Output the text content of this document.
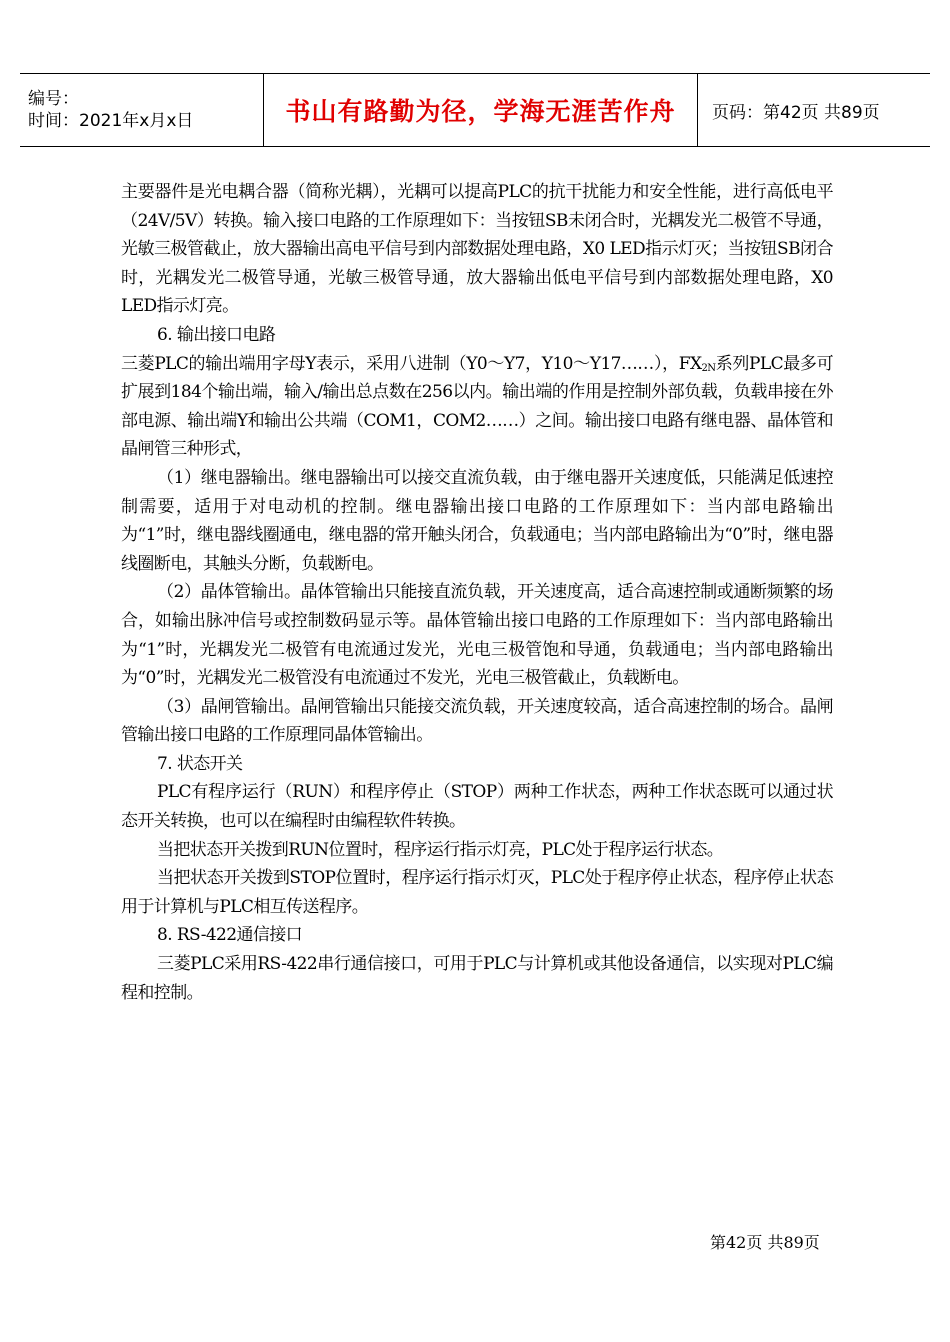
编号：
时间：2021年x月x日	书山有路勤为径，学海无涯苦作舟 页码：第42页 共89页

主要器件是光电耦合器（简称光耦），光耦可以提高PLC的抗干扰能力和安全性能，进行高低电平（24V/5V）转换。输入接口电路的工作原理如下：当按钮SB未闭合时，光耦发光二极管不导通，光敏三极管截止，放大器输出高电平信号到内部数据处理电路，X0 LED指示灯灭；当按钮SB闭合时，光耦发光二极管导通，光敏三极管导通，放大器输出低电平信号到内部数据处理电路，X0 LED指示灯亮。

6. 输出接口电路

三菱PLC的输出端用字母Y表示，采用八进制（Y0～Y7，Y10～Y17……），$FX_{2N}$系列PLC最多可扩展到184个输出端，输入/输出总点数在256以内。输出端的作用是控制外部负载，负载串接在外部电源、输出端Y和输出公共端（COM1，COM2……）之间。输出接口电路有继电器、晶体管和晶闸管三种形式，

（1）继电器输出。继电器输出可以接交直流负载，由于继电器开关速度低，只能满足低速控制需要，适用于对电动机的控制。继电器输出接口电路的工作原理如下：当内部电路输出为“1”时，继电器线圈通电，继电器的常开触头闭合，负载通电；当内部电路输出为“0”时，继电器线圈断电，其触头分断，负载断电。

（2）晶体管输出。晶体管输出只能接直流负载，开关速度高，适合高速控制或通断频繁的场合，如输出脉冲信号或控制数码显示等。晶体管输出接口电路的工作原理如下：当内部电路输出为“1”时，光耦发光二极管有电流通过发光，光电三极管饱和导通，负载通电；当内部电路输出为“0”时，光耦发光二极管没有电流通过不发光，光电三极管截止，负载断电。

（3）晶闸管输出。晶闸管输出只能接交流负载，开关速度较高，适合高速控制的场合。晶闸管输出接口电路的工作原理同晶体管输出。

7. 状态开关

PLC有程序运行（RUN）和程序停止（STOP）两种工作状态，两种工作状态既可以通过状态开关转换，也可以在编程时由编程软件转换。

当把状态开关拨到RUN位置时，程序运行指示灯亮，PLC处于程序运行状态。

当把状态开关拨到STOP位置时，程序运行指示灯灭，PLC处于程序停止状态，程序停止状态用于计算机与PLC相互传送程序。

8. RS-422通信接口

三菱PLC采用RS-422串行通信接口，可用于PLC与计算机或其他设备通信，以实现对PLC编程和控制。

第42页 共89页
